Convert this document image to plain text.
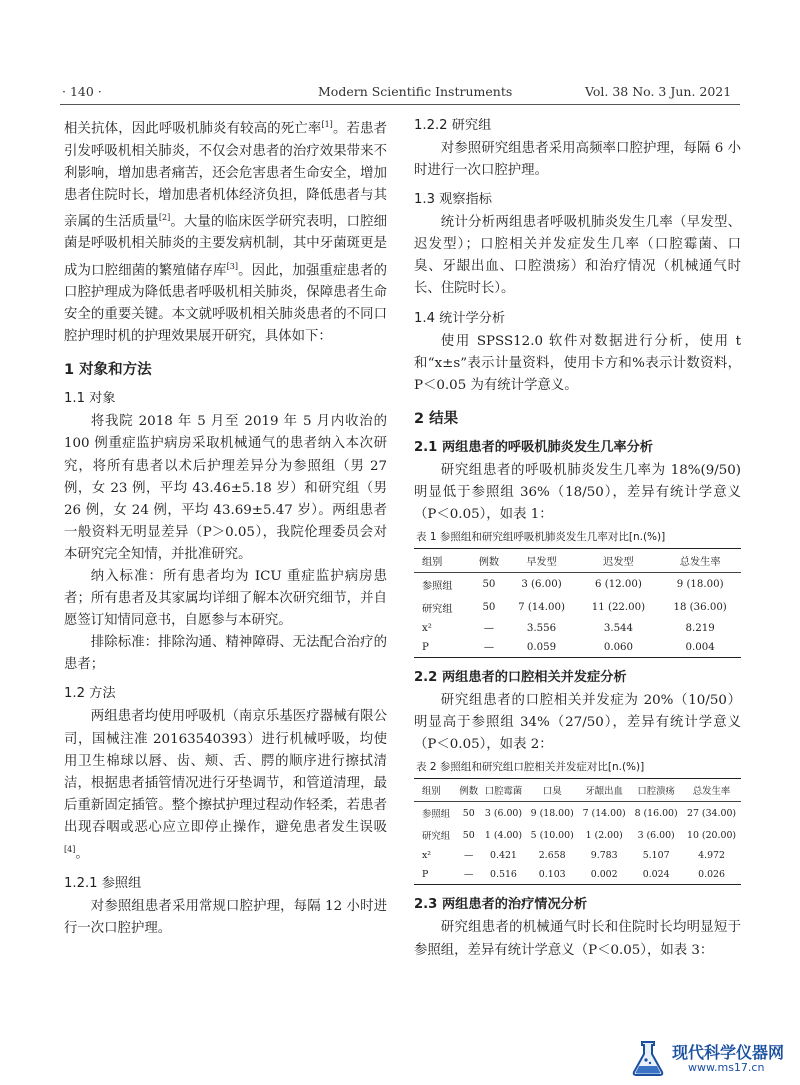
· 140 ·	Modern Scientific Instruments	Vol. 38 No. 3 Jun. 2021

相关抗体，因此呼吸机肺炎有较高的死亡率[1]。若患者引发呼吸机相关肺炎，不仅会对患者的治疗效果带来不利影响，增加患者痛苦，还会危害患者生命安全，增加患者住院时长，增加患者机体经济负担，降低患者与其亲属的生活质量[2]。大量的临床医学研究表明，口腔细菌是呼吸机相关肺炎的主要发病机制，其中牙菌斑更是成为口腔细菌的繁殖储存库[3]。因此，加强重症患者的口腔护理成为降低患者呼吸机相关肺炎，保障患者生命安全的重要关键。本文就呼吸机相关肺炎患者的不同口腔护理时机的护理效果展开研究，具体如下：

1 对象和方法
1.1 对象

将我院 2018 年 5 月至 2019 年 5 月内收治的 100 例重症监护病房采取机械通气的患者纳入本次研究，将所有患者以术后护理差异分为参照组（男 27 例，女 23 例，平均 43.46±5.18 岁）和研究组（男 26 例，女 24 例，平均 43.69±5.47 岁）。两组患者一般资料无明显差异（P＞0.05），我院伦理委员会对本研究完全知情，并批准研究。

纳入标准：所有患者均为 ICU 重症监护病房患者；所有患者及其家属均详细了解本次研究细节，并自愿签订知情同意书，自愿参与本研究。

排除标准：排除沟通、精神障碍、无法配合治疗的患者；

1.2 方法

两组患者均使用呼吸机（南京乐基医疗器械有限公司，国械注准 20163540393）进行机械呼吸，均使用卫生棉球以唇、齿、颊、舌、腭的顺序进行擦拭清洁，根据患者插管情况进行牙垫调节，和管道清理，最后重新固定插管。整个擦拭护理过程动作轻柔，若患者出现吞咽或恶心应立即停止操作，避免患者发生误吸[4]。

1.2.1 参照组

对参照组患者采用常规口腔护理，每隔 12 小时进行一次口腔护理。

1.2.2 研究组

对参照研究组患者采用高频率口腔护理，每隔 6 小时进行一次口腔护理。

1.3 观察指标

统计分析两组患者呼吸机肺炎发生几率（早发型、迟发型）；口腔相关并发症发生几率（口腔霉菌、口臭、牙龈出血、口腔溃疡）和治疗情况（机械通气时长、住院时长）。

1.4 统计学分析

使用 SPSS12.0 软件对数据进行分析，使用 t 和“x±s”表示计量资料，使用卡方和%表示计数资料，P＜0.05 为有统计学意义。

2 结果
2.1 两组患者的呼吸机肺炎发生几率分析

研究组患者的呼吸机肺炎发生几率为 18%(9/50) 明显低于参照组 36%（18/50），差异有统计学意义（P＜0.05），如表 1：

表 1 参照组和研究组呼吸机肺炎发生几率对比[n.(%)]
组别	例数	早发型	迟发型	总发生率
参照组	50	3 (6.00)	6 (12.00)	9 (18.00)
研究组	50	7 (14.00)	11 (22.00)	18 (36.00)
x²	—	3.556	3.544	8.219
P	—	0.059	0.060	0.004
2.2 两组患者的口腔相关并发症分析

研究组患者的口腔相关并发症为 20%（10/50）明显高于参照组 34%（27/50），差异有统计学意义（P＜0.05），如表 2：

表 2 参照组和研究组口腔相关并发症对比[n.(%)]
组别	例数	口腔霉菌	口臭	牙龈出血	口腔溃疡	总发生率
参照组	50	3 (6.00)	9 (18.00)	7 (14.00)	8 (16.00)	27 (34.00)
研究组	50	1 (4.00)	5 (10.00)	1 (2.00)	3 (6.00)	10 (20.00)
x²	—	0.421	2.658	9.783	5.107	4.972
P	—	0.516	0.103	0.002	0.024	0.026
2.3 两组患者的治疗情况分析

研究组患者的机械通气时长和住院时长均明显短于参照组，差异有统计学意义（P＜0.05），如表 3：

现代科学仪器网
www.ms17.cn
